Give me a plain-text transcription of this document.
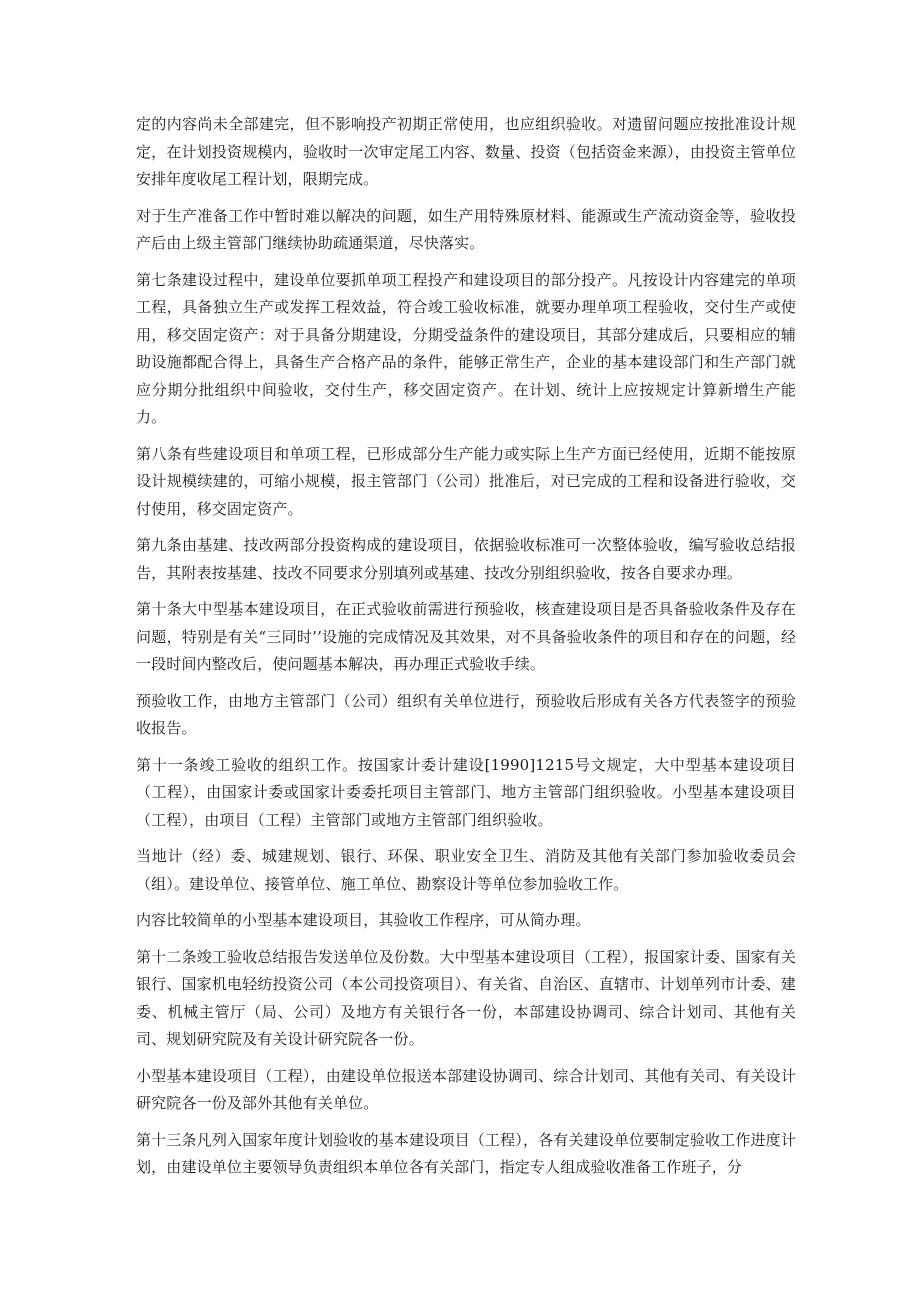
定的内容尚未全部建完，但不影响投产初期正常使用，也应组织验收。对遗留问题应按批准设计规定，在计划投资规模内，验收时一次审定尾工内容、数量、投资（包括资金来源），由投资主管单位安排年度收尾工程计划，限期完成。

对于生产准备工作中暂时难以解决的问题，如生产用特殊原材料、能源或生产流动资金等，验收投产后由上级主管部门继续协助疏通渠道，尽快落实。

第七条建设过程中，建设单位要抓单项工程投产和建设项目的部分投产。凡按设计内容建完的单项工程，具备独立生产或发挥工程效益，符合竣工验收标准，就要办理单项工程验收，交付生产或使用，移交固定资产：对于具备分期建设，分期受益条件的建设项目，其部分建成后，只要相应的辅助设施都配合得上，具备生产合格产品的条件，能够正常生产，企业的基本建设部门和生产部门就应分期分批组织中间验收，交付生产，移交固定资产。在计划、统计上应按规定计算新增生产能力。

第八条有些建设项目和单项工程，已形成部分生产能力或实际上生产方面已经使用，近期不能按原设计规模续建的，可缩小规模，报主管部门（公司）批准后，对已完成的工程和设备进行验收，交付使用，移交固定资产。

第九条由基建、技改两部分投资构成的建设项目，依据验收标准可一次整体验收，编写验收总结报告，其附表按基建、技改不同要求分别填列或基建、技改分别组织验收，按各自要求办理。

第十条大中型基本建设项目，在正式验收前需进行预验收，核查建设项目是否具备验收条件及存在问题，特别是有关“三同时’’设施的完成情况及其效果，对不具备验收条件的项目和存在的问题，经一段时间内整改后，使问题基本解决，再办理正式验收手续。

预验收工作，由地方主管部门（公司）组织有关单位进行，预验收后形成有关各方代表签字的预验收报告。

第十一条竣工验收的组织工作。按国家计委计建设[1990]1215号文规定，大中型基本建设项目（工程），由国家计委或国家计委委托项目主管部门、地方主管部门组织验收。小型基本建设项目（工程），由项目（工程）主管部门或地方主管部门组织验收。

当地计（经）委、城建规划、银行、环保、职业安全卫生、消防及其他有关部门参加验收委员会（组）。建设单位、接管单位、施工单位、勘察设计等单位参加验收工作。

内容比较简单的小型基本建设项目，其验收工作程序，可从简办理。

第十二条竣工验收总结报告发送单位及份数。大中型基本建设项目（工程），报国家计委、国家有关银行、国家机电轻纺投资公司（本公司投资项目）、有关省、自治区、直辖市、计划单列市计委、建委、机械主管厅（局、公司）及地方有关银行各一份，本部建设协调司、综合计划司、其他有关司、规划研究院及有关设计研究院各一份。

小型基本建设项目（工程），由建设单位报送本部建设协调司、综合计划司、其他有关司、有关设计研究院各一份及部外其他有关单位。

第十三条凡列入国家年度计划验收的基本建设项目（工程），各有关建设单位要制定验收工作进度计划，由建设单位主要领导负责组织本单位各有关部门，指定专人组成验收准备工作班子，分
